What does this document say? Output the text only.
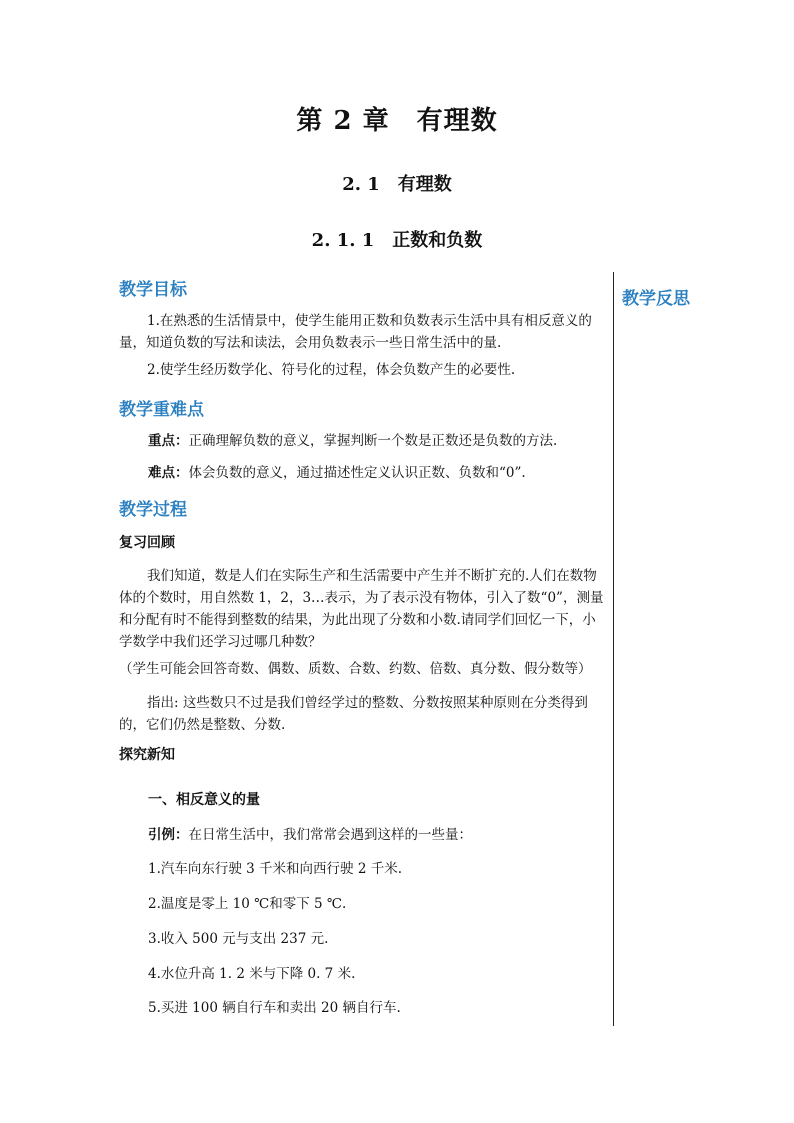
第 2 章　有理数
2. 1　有理数
2. 1. 1　正数和负数
教学反思
教学目标
1.在熟悉的生活情景中，使学生能用正数和负数表示生活中具有相反意义的量，知道负数的写法和读法，会用负数表示一些日常生活中的量.
2.使学生经历数学化、符号化的过程，体会负数产生的必要性.
教学重难点
重点：正确理解负数的意义，掌握判断一个数是正数还是负数的方法.
难点：体会负数的意义，通过描述性定义认识正数、负数和“0”.
教学过程
复习回顾
我们知道，数是人们在实际生产和生活需要中产生并不断扩充的.人们在数物体的个数时，用自然数 1，2，3…表示，为了表示没有物体，引入了数“0”，测量和分配有时不能得到整数的结果，为此出现了分数和小数.请同学们回忆一下，小学数学中我们还学习过哪几种数？
（学生可能会回答奇数、偶数、质数、合数、约数、倍数、真分数、假分数等）
指出: 这些数只不过是我们曾经学过的整数、分数按照某种原则在分类得到的，它们仍然是整数、分数.
探究新知
一、相反意义的量
引例：在日常生活中，我们常常会遇到这样的一些量：
1.汽车向东行驶 3 千米和向西行驶 2 千米.
2.温度是零上 10 ℃和零下 5 ℃.
3.收入 500 元与支出 237 元.
4.水位升高 1. 2 米与下降 0. 7 米.
5.买进 100 辆自行车和卖出 20 辆自行车.
